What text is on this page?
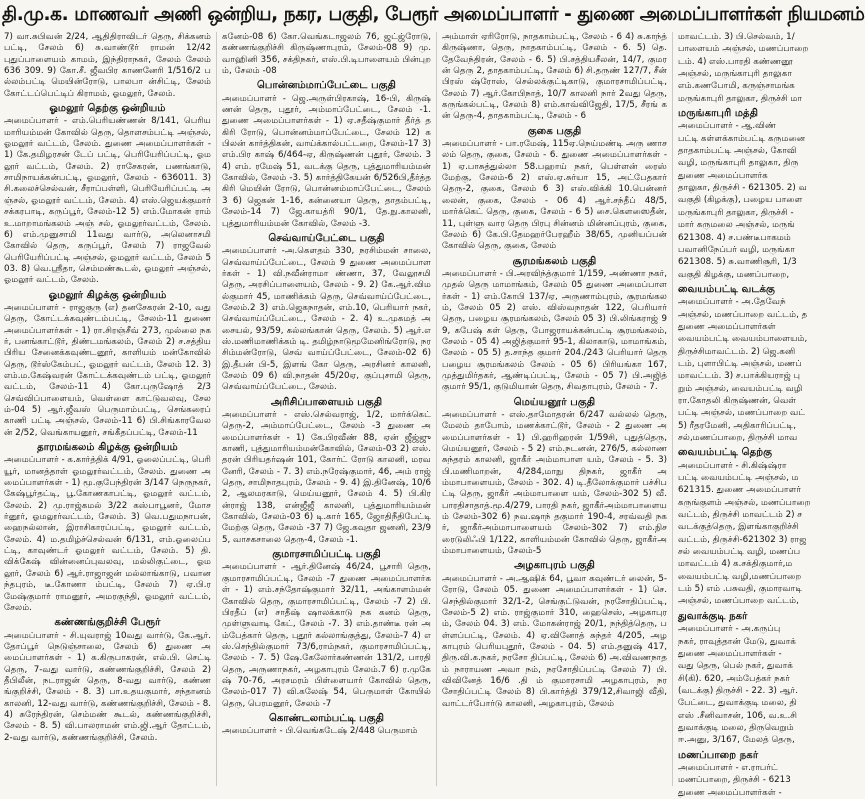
தி.மு.க. மாணவர் அணி ஒன்றிய, நகர, பகுதி, பேரூர் அமைப்பாளர் - துணை அமைப்பாளர்கள் நியமனம்
7) வா.சுபிவன் 2/24, ஆதிதிராவிடர் தெரு, சிக்கனம் பட்டி, சேலம் 6) சு.வாண்டூர் ராமன் 12/42 புதுப்பாளையம் காமம், இந்திராநகர், சேலம் சேலம் 636 309. 9) கோ.சீ. ஜீவபிர காணனேரி 1/516/2 பல்லம்பட்டி மெயின்ரோடு, பாலபா ன்சிட்டி, சேலம் கோட்டப்பெட்டிப் கிராமம், ஓமலூர், சேலம்.
ஓமலூர் தெற்கு ஒன்றியம்
அமைப்பாளர் - எம்.பெரியண்ணன் 8/141, பெரிய மாரியம்மன் கோவில் தெரு, தொளசம்பட்டி அஞ்சல், ஓமலூர் வட்டம், சேலம். துணை அமைப்பாளர்கள் - 1) கே.தமிழரசன் டேப் பட்டி, பெரியேரிப்பட்டி, ஓமலூர் வட்டம், சேலம். 2) ராசேகரன், பணங்காடு, சாமிநாயக்கன்பட்டி, ஓமலூர், சேலம் - 636011. 3) சி.கலைச்செல்வன், சீராப்பள்ளி, பெரியேரிப்பட்டி அஞ்சல், ஓமலூர் வட்டம், சேலம். 4) எஸ்.ஜெயக்குமார் சக்கரபாடி, கருப்பூர், சேலம்-12 5) எம்.மோகன் ராம் உ.மாறாமங்கலம் அஞ் சல், ஓமலூர்வட்டம், சேலம். 6) எம்.முனுசாமி 11வது வார்டு, அலெனாசமி கோவில் தெரு, கருப்பூர், சேலம் 7) ராஜவேல் பெரியேரிப்பட்டி அஞ்சல், ஓமலூர் வட்டம், சேலம் 503. 8) வெ.ஸ்ரீதா, செம்மண்கூடல், ஓமலூர் அஞ்சல், ஓமலூர் வட்டம், சேலம்.
ஓமலூர் கிழக்கு ஒன்றியம்
அமைப்பாளர் - ராஜகுரு (எ) தனசேகரன் 2-10, வது தெரு, கோட்டக்கவுண்டம்பட்டி, சேலம்-11 துணை அமைப்பாளர்கள் - 1) ரா.சிரஞ்சீவ் 273, முல்லை நகர், பனங்காட்டூர், திண்டமங்கலம், சேலம் 2) ச.சத்தியபிரிய சேனைக்கவுண்டனூர், காளியம் மன்கோவில் தெரு, டூர்ஸ்கேம்பட், ஓமலூர் வட்டம், சேலம் 12. 3) எம்.ம.கேஷ்வரன் கோட்டக்கவுண்டம் பட்டி, ஓமலூர் வட்டம், சேலம்-11 4) கோ.புருஷோத் 2/3 செவ்விப்பாளையம், வெள்ளை காட்டுவலவு, சேலம்-04 5) ஆர்.ஜீவஸ் பெருமாம்பட்டி, செங்கரைப் காணி பட்டி அஞ்சல், சேலம்-11 6) பி.சிங்காரவேலன் 2/52, வெங்காயனூர், சங்கீதப்பட்டி, சேலம்-11
தாரமங்கலம் கிழக்கு ஒன்றியம்
அமைப்பாளர் - க.கார்த்திக் 4/91, ஓலைப்பட்டி, பெரி யூர், மானத்தாள் ஓமலூர்வட்டம், சேலம். துணை அமைப்பாளர்கள் - 1) மூ.குபேந்திரன் 3/147 நெருநகர், கேஷ்பூர்தட்டி, பூ.கோணகாபட்டி, ஓமலூர் வட்டம், சேலம். 2) மு.ராஜ்கமல் 3/22 கஸ்பாபூனர், மோசர்னூர், ஓமலூர்வட்டம், சேலம். 3) வெ.பதுமநாபன், ஹைநல்லான், இராசிகாரப்பட்டி, ஓமலூர் வட்டம், சேலம். 4) ம.தமிழ்ச்செல்வன் 6/131, எம்.ஓலைப்பட்டி, காவுண்டர் ஓமலூர் வட்டம், சேலம். 5) தி.விக்கேஷ் வின்னைப்புவலவு, மல்லிகுட்டை, ஓமலூர், சேலம் 6) ஆர்.ராஜாஜன் மல்லாங்காடு, பவானந்தபுரம், டீ.கோணா ம்பட்டி, சேலம் 7) ஏ.பி.ரமேஷ்குமார் ராமனூர், அமரகுந்தி, ஓமலூர் வட்டம், சேலம்.
கண்ணங்குறிச்சி பேரூர்
அமைப்பாளர் - சி.யுவராஜ் 10வது வார்டு, கே.ஆர். தோப்பூர் நெடுஞ்சாலை, சேலம் 6) துணை அமைப்பாளர்கள் - 1) க.கிருபாகரன், எல்.பி. செட்டி தெரு, 7-வது வார்டு, கண்ணங்குறிச்சி, சேலம் 2) தீபிலீன், நடராஜன் தெரு, 8-வது வார்டு, கண்ண ங்குறிச்சி, சேலம் - 8. 3) பா.உதயகுமார், சந்தானம் காலனி, 12-வது வார்டு, கண்ணங்குறிச்சி, சேலம் - 8. 4) சுரேந்திரன், செம்மண் கூடல், கண்ணங்குறிச்சி, சேலம் - 8. 5) வி.பாலராமன் எம்.ஜி.ஆர் தோட்டம், 2-வது வார்டு, கண்ணங்குறிச்சி, சேலம்.
கனேம்-08 6) கோ.வெங்கடாஜலம் 76, ஜட்ஜ்ரோடு, கண்ணங்குறிச்சி கிருஷ்ணாபுரம், சேலம்-08 9) மு. வாஹினி 356, சக்திநகர், எஸ்.பி.டிபாளையம் பின்புறம், சேலம் -08
பொன்னம்மாப்பேட்டை பகுதி
அமைப்பாளர் - ஜெ.அருள்பிரகாஷ், 16-பி, கிருஷ் ணன் தெரு, புதூர், அம்மாப்பேட்டை, சேலம் -1. துணை அமைப்பாளர்கள் - 1) ஏ.சதீஷ்குமார் தீர்த் தகிரி ரோடு, பொன்னம்மாப்பேட்டை, சேலம் 12) கபிலன் கார்த்திகன், வாய்க்கால்பட்டறை, சேலம்-17 3) எம்.பிர காஷ் 6/464-ஏ, கிருஷ்ணன் புதூர், சேலம். 3 4) எம். ரமேஷ் 51, வடக்கு தெரு, புத்துமாரியம்மன் கோவில், சேலம் -3. 5) கார்த்திகேயன் 6/526பி,தீர்த்தகிரி மெயின் ரோடு, பொன்னம்மாப்பேட்டை, சேலம் 3 6) ஜெகன் 1-16, கன்னையா தெரு, தாதம்பட்டி, சேலம்-14 7) ஜே.காயத்ரி 90/1, தே.நு.காலனி, புத்துமாரியம்மன் கோவில், சேலம் -3.
செவ்வாய்பேட்டை பகுதி
அமைப்பாளர் -அ.கௌதம் 330, நரசிம்மன் சாலை, செவ்வாய்ப்பேட்டை, சேலம் 9 துணை அமைப்பாளர்கள் - 1) வி.நவீன்ராமா ண்ணா, 37, வேலூசமி தெரு, அரசிப்பாளையம், சேலம் - 9. 2) கே.ஆர்.விமல்குமார் 45, மாணிக்கம் தெரு, செவ்வாய்ப்பேட்டை, சேலம்.2 3) எம்.ஜெகநாதன், எம்.10, பெரியார் நகர், செவ்வாய்ப்பேட்டை, சேலம் - 2. 4) உ.முகமத் அசையல், 93/59, கல்லங்கான் தெரு, சேலம். 5) ஆர்.எஸ்.மணிமாணிக்கம் டி. தமிழ்நாடுமூமேனிங்ரோடு, நரசிம்மன்ரோடு, செவ் வாய்ப்பேட்டை, சேலம்-02 6) இ.தீபன் பி-5, இளங் கோ தெரு, அரசினர் காலனி, சேலம் 09 6) வி.நாதன் 45/20ஏ, குப்புசாமி தெரு, செவ்வாய்ப்பேட்டை, சேலம்.
அரிசிப்பாளையம் பகுதி
அமைப்பாளர் - எஸ்.செல்வராஜ், 1/2, மார்க்கெட் தெரு-2, அம்மாப்பேட்டை, சேலம் -3 துணை அமைப்பாளர்கள் - 1) கே.பிரவீண் 88, ஏன் ஜீஜ்ஜு காணி, புத்துமாரியம்மன்கோவில், சேலம்-03 2) எஸ்.தரன் பிரியதர்ஷன் 101, கோர்ட் ரோடு காலனி, மரவனேரி, சேலம் - 7. 3) எம்.நரேஷ்குமார், 46, அம் ராஜ் தெரு, சாமிநாதபுரம், சேலம் - 9. 4) இ.தினேஷ், 10/62, ஆலமரகாடு, மெய்யனூர், சேலம் 4. 5) பி.கிரன்ராஜ் 138, என்ஜீஜீ காலனி, புத்துமாரியம்மன் கோவில், சேலம்-03 6) டி.கார் 165, ஜோதிநீதிபேட்டி மேற்கு தெரு, சேலம் -37 7) ஜே.கவுதா ஜனனி, 23/95, வாசகசாலை தெரு-4, சேலம் -1.
குமாரசாமிப்பட்டி பகுதி
அமைப்பாளர் - ஆர்.தினேஷ் 46/24, பூசாரி தெரு, குமாரசாமிப்பட்டி, சேலம் -7 துணை அமைப்பாளர்கள் - 1) எம்.சந்தோஷ்குமார் 32/11, அங்காளம்மன் கோவில் தெரு, குமாரசாமிப்பட்டி, சேலம் -7 2) பி.பிரதீப் (எ) சாதீஷ் ஷாலக்காடு நக கனம் தெரு, முள்ளுவாடி கேட், சேலம் -7. 3) எம்.தாண்டீ ரன் அம்பேத்கார் தெரு, புதூர் கல்லாங்குத்து, சேலம்-7 4) எஸ்.செந்தில்குமார் 73/6,ராம்நகர், குமாரசாமிப்பட்டி, சேலம் - 7. 5) ஷே.கேலோர்கண்ணன் 131/2, பாரதி தெரு, அருணாநகர், அழகாபுரம் சேலம்.7 6) ர.முகே ஷ் 70-76, அரசமரம் பிள்ளையார் கோவில் தெரு, சேலம்-017 7) வி.கலேஷ் 54, பெருமாள் கோயில் தெரு, பெரமனூர், சேலம் -7
கொண்டலாம்பட்டி பகுதி
அமைப்பாளர் - பி.வெங்கடேஷ் 2/448 பெருமாம்
அம்மாள் ஏரிரோடு, நாதகாம்பட்டி, சேலம் - 6 4) சு.காந்த் கிருஷ்ணா, தெரு, நாதகாம்பட்டி, சேலம் - 6. 5) தெ.தேவேந்திரன், சேலம் - 6. 5) பி.சத்தியசீலன், 14/7, குமரன் தெரு 2, தாதகாம்பட்டி, சேலம் 6) சி.தருண் 127/7, சீன் பிரஸ் ஷ்ரோஸ், செல்லக்குட்டிகாடு, குமாரசாமிப்பட்டி, சேலம் 7) ஆர்.கோபிநாத், 10/7 காலனி நார் 2வது தெரு, கருங்கல்பட்டி, சேலம் 8) எம்.காவ்விஜேதி, 17/5, சீரங் கன் தெரு-4, தாதகாம்பட்டி, சேலம் - 6
குகை பகுதி
அமைப்பாளர் - பா.ரமேஷ், 115ஏ.நெய்மண்டி அரு ணாசலம் தெரு, குகை, சேலம் - 6. துணை அமைப்பாளர்கள் - 1) ஏ.பாசுத்துல்லா 58.பஹாய் நகர், பெள்ளன் ரைஸ் மேற்கு, சேலம்-6 2) எஸ்.ஏ.சுர்யா 15, அட்பேதகார் தெரு-2, குகை, சேலம் 6 3) எஸ்.விக்கி 10.பென்னர் லைன், குகை, சேலம் - 06 4) ஆர்.சந்தீப் 48/5, மார்க்கெட் தெரு, குகை, சேலம் - 6 5) சை.கௌஸைதீன், 11, புள்ளு வார தெரு பிரபு சின்னம் மின்னப்புரம், குகை, சேலம் 6) கே.பி.தேமஹர்பேரஹீம் 38/65, முனியப்பன் கோவில் தெரு, குகை, சேலம்
சூரமங்கலம் பகுதி
அமைப்பாளர் - பி.அரவிந்த்குமார் 1/159, அண்ணா நகர், முதல் தெரு மாமாங்கம், சேலம் 05 துணை அமைப்பாளர்கள் - 1) எம்.கோபி 137/ஏ, அருணாம்புரம், சூரமங்கலம், சேலம் 05 2) எஸ். விஸ்வநாதன் 122, பெரியார் தெரு, பழைய சூரமங்கலம், சேலம் 05 3) பி.லிங்கராஜ் 99, கபேஷ் கள் தெரு, போஜராயக்கன்பட்டி சூரமங்கலம், சேலம் - 05 4) அஜித்குமார் 95-1, கிலாகாடு, மாமாங்கம், சேலம் - 05 5) த.சாந்த குமார் 204./243 பெரியார் தெரு பழைய சூரமங்கலம் சேலம் - 05 6) பிரியங்கா 167, முத்துமிர்தகர், ஆண்டிப்பட்டி, சேலம் - 05 7) பி.அஜித் குமார் 95/1, குடுமியான் தெரு, சிவதாபுரம், சேலம் - 7.
மெய்யனூர் பகுதி
அமைப்பாளர் - எஸ்.தாமோதரன் 6/247 வல்லல் தெரு, மேலம் தாபோம், மணக்காட்டூர், சேலம் - 2 துணை அமைப்பாளர்கள் - 1) பி.ஹரிஹரன் 1/59சி, புதுத்தெரு, மெய்யனூர், சேலம் - 5 2) எம்.நடனன், 276/5, கல்லாண சுந்தரம் காலனி, ஜாகீர் அம்மாபாள யம், சேலம் - 5. 3) பி.மணிமாறன், 4/284,மாநு திநகர், ஜாகீர் அம்மாபாளையம், சேலம் - 302. 4) டி.தீலோக்குமார் பச்சிபட்டி தெரு, ஜாகீர் அம்மாபாளை யம், சேலம்-302 5) வீ.பாரதிசாதாத்.மூ.4/279, பாரதி நகர், ஜாகீர்அம்மாபாளையம் சேலம்-302 6) நவ.ஷாந் தகுமார் 190-4, சரவ்வதி நகர், ஜாகீர்அம்மாபாளையம் சேலம்-302 7) எம்.நிசரைடுலிஃபி 1/122, காளியம்மன் கோவில் தெரு, ஜாகீர்அம்மாபாளையம், சேலம்-5
அழகாபுரம் பகுதி
அமைப்பாளர் - அ.ஆஷிக் 64, பூவா கவுண்டர் லைன், 5-ரோடு, சேலம் 05. துணை அமைப்பாளர்கள் - 1) செ.செந்தில்குமார் 32/1-2, செங்குட்டுவன், நரசோதிப்பட்டி, சேலம்-5 2) எம். ராஜ்குமார் 310, ஹைசெஸ், அழகாபுரம், சேலம் 04. 3) எம். மோகன்ராஜ் 20/1, நந்தித்தெரு, பள்ளப்பட்டி, சேலம். 4) ஏ.வினோத் சுந்தர் 4/205, அழகாபுரம் பெரியபுதூர், சேலம் - 04. 5) எம்.தனுஷ் 417, திரு.வி.க.நகர், நரசோ திப்பட்டி, சேலம் 6) அ.விவணநாதம் நாராயண அவா நம், நரசோதிப்பட்டி சேலம் 7) பி.விவினேத் 16/6 .தி ம் குமாரசாமி அழகாபுரம், நரசோதிப்பட்டி சேலம் 8) பி.கார்த்தி 379/12,சிவாஜி வீதி, வாட்டர்போர்டு காலனி, அழகாபுரம், சேலம்
மாவட்டம். 3) பி.செல்வம், 1/
பாளையம் அஞ்சல், மணப்பாறை
டம். 4) எஸ்.பாரதி கண்ணனூ
அஞ்சல், மருங்காபுரி தாலுகா
எம்.கணபோமி, கருஞ்சாமங்க
மருங்காபுரி தாலுகா, திருச்சி மா
மருங்காபுரி மத்தி
அமைப்பாளர் - ஆ.விண்
பட்டி கள்ளக்காம்பட்டி கருமனை
தாதகாம்பட்டி அஞ்சல், கோவி
வழி, மருங்காபுரி தாலுகா, திரு
துணை அமைப்பாளர்க
தாலுகா, திருச்சி - 621305. 2) வ
வகுதி (கிழக்கு), பழைய பாளை
மருங்காபுரி தாலுகா, திருச்சி -
மார் கருமலை அஞ்சல், மருங்
621308. 4) ச.பண்டீபாகமம்
பவானிநேப்பர் வழி, மருங்கா
621308. 5) சு.வாணிசூரி, 1/3
வகுதி கிழக்கு, மணப்பாறை,
வையம்பட்டி வடக்கு
அமைப்பாளர் - அ.தேவேந்
அஞ்சல், மணப்பாறை வட்டம், த
துணை அமைப்பாளர்கள்
வையம்பட்டி வையம்பாளையம்,
திருச்சிமாவட்டம். 2) ஜெ.கனி
டம், புளாபிட்டி அஞ்சல், மணப்
மாவட்டம். 3) ச.பாக்கியராஜ் பு
றும் அஞ்சல், வையம்பட்டி வழி
ரா.கோதலி கிருஷ்ணன், வெள்
பட்டி அஞ்சல், மணப்பாறை வட்
5) ரீதரமேனி, அதிகாரிப்பட்டி,
சல்,மணப்பாறை, திருச்சி மாவ
வையம்பட்டி தெற்கு
அமைப்பாளர் - சி.கிஷ்ஷ்ரா
பட்டி வையம்பட்டி அஞ்சல், ம
621315. துணை அமைப்பாளர்
கருங்குளம் அஞ்சல், மணப்பாறை
வட்டம், திருச்சி மாவட்டம் 2) ச
வடக்குத்தெரு, இளங்காகுறிச்சி
வட்டம், திருச்சி-621302 3) ராஜ
சல் வையம்பட்டி வழி, மணப்ப
மாவட்டம் 4) க.சக்திகுமார்,ம
வையம்பட்டி வழி,மணப்பாறை
டம் 5) எம் .பசுவதி, குமாரவாடி
அஞ்சல், மணப்பாறை வட்டம்,
துவாக்குடி நகர்
அமைப்பாளர் - அ.கருப்பு
நகர், ராவுத்தான் மேடு, துவாக்
துணை அமைப்பாளர்கள் -
வது தெரு, பெல் நகர், துவாக்
சி(கி). 620, அம்பேத்கர் நகர்
(வடக்கு) திருச்சி - 22. 3) ஆர்.
பேட்டை, துவாக்குடி மலை, தி
எஸ் .சீனிவாசன், 106, வ.உ.சி
துவாக்குடி மலை, திருவெறும்
ஈ.அனு, 3/167, மேலத் தெரு,
மணப்பாறை நகர்
அமைப்பாளர் - எ.ராபர்ட்
மணப்பாறை, திருச்சி - 6213
துணை அமைப்பாளர்கள் -
